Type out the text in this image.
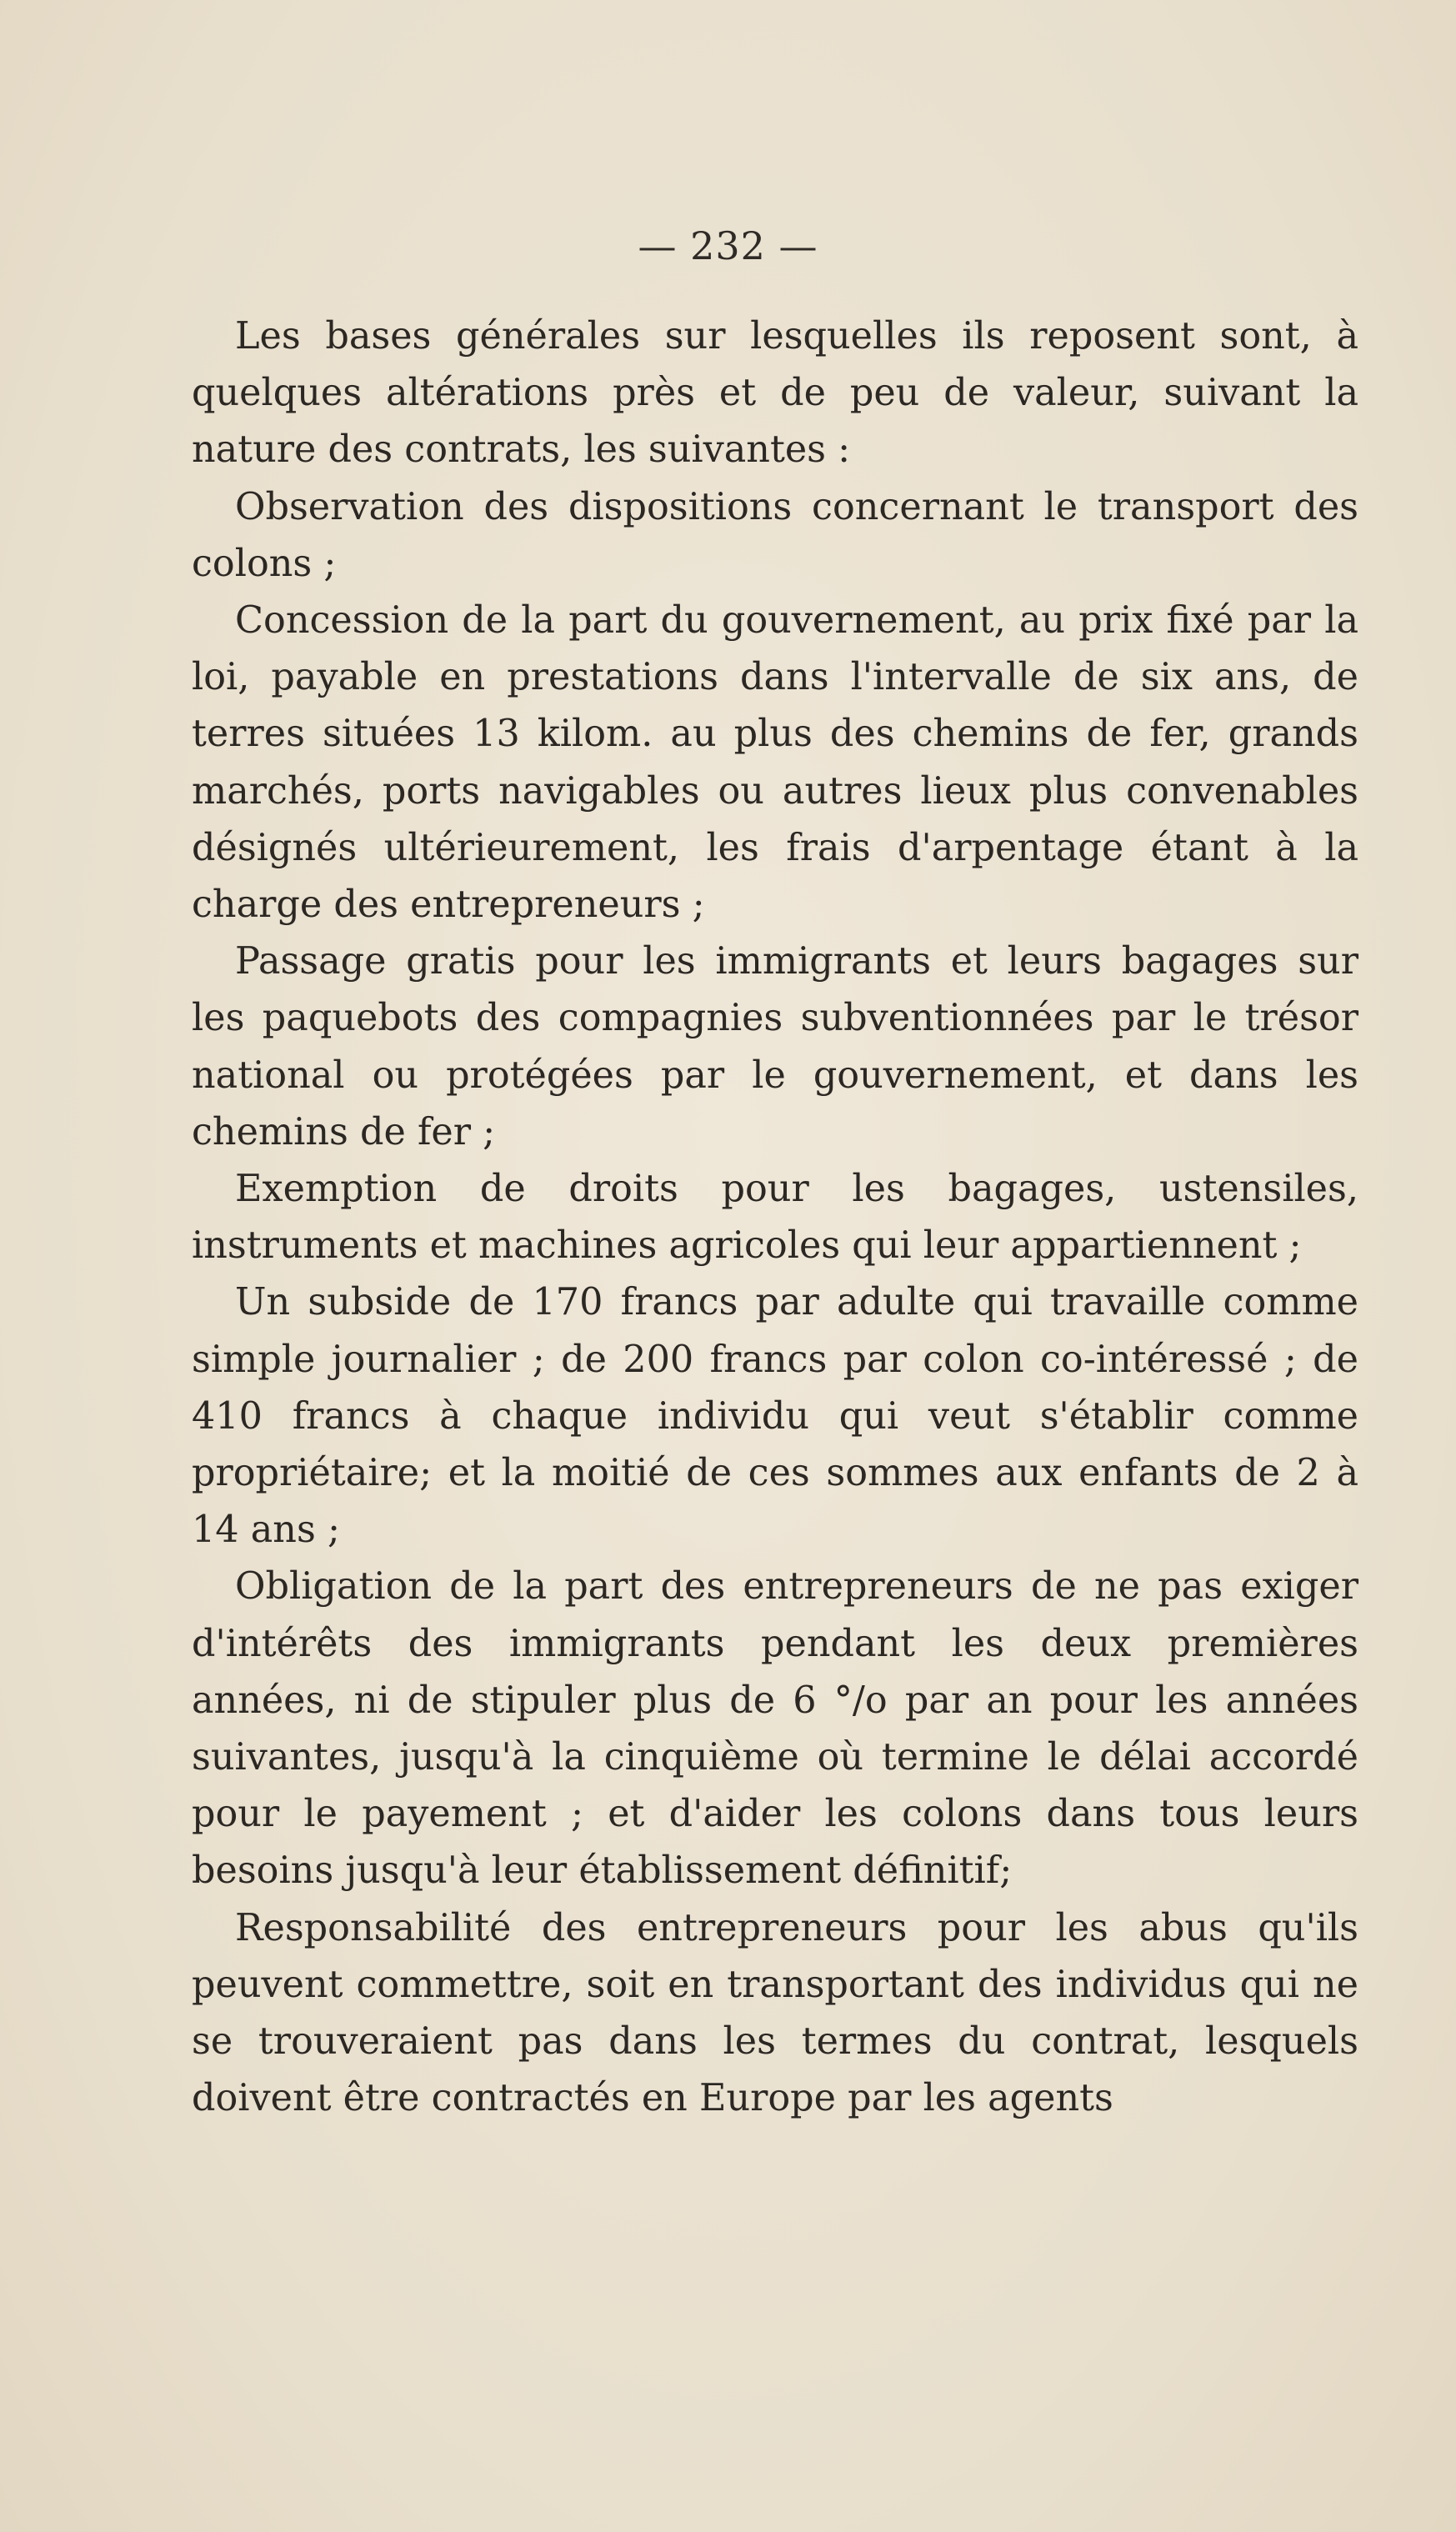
— 232 —

Les bases générales sur lesquelles ils reposent sont, à quelques altérations près et de peu de valeur, suivant la nature des contrats, les suivantes :

Observation des dispositions concernant le transport des colons ;

Concession de la part du gouvernement, au prix fixé par la loi, payable en prestations dans l'intervalle de six ans, de terres situées 13 kilom. au plus des chemins de fer, grands marchés, ports navigables ou autres lieux plus convenables désignés ultérieurement, les frais d'arpentage étant à la charge des entrepreneurs ;

Passage gratis pour les immigrants et leurs bagages sur les paquebots des compagnies subventionnées par le trésor national ou protégées par le gouvernement, et dans les chemins de fer ;

Exemption de droits pour les bagages, ustensiles, instruments et machines agricoles qui leur appartiennent ;

Un subside de 170 francs par adulte qui travaille comme simple journalier ; de 200 francs par colon co-intéressé ; de 410 francs à chaque individu qui veut s'établir comme propriétaire; et la moitié de ces sommes aux enfants de 2 à 14 ans ;

Obligation de la part des entrepreneurs de ne pas exiger d'intérêts des immigrants pendant les deux premières années, ni de stipuler plus de 6 °/o par an pour les années suivantes, jusqu'à la cinquième où termine le délai accordé pour le payement ; et d'aider les colons dans tous leurs besoins jusqu'à leur établissement définitif;

Responsabilité des entrepreneurs pour les abus qu'ils peuvent commettre, soit en transportant des individus qui ne se trouveraient pas dans les termes du contrat, lesquels doivent être contractés en Europe par les agents
